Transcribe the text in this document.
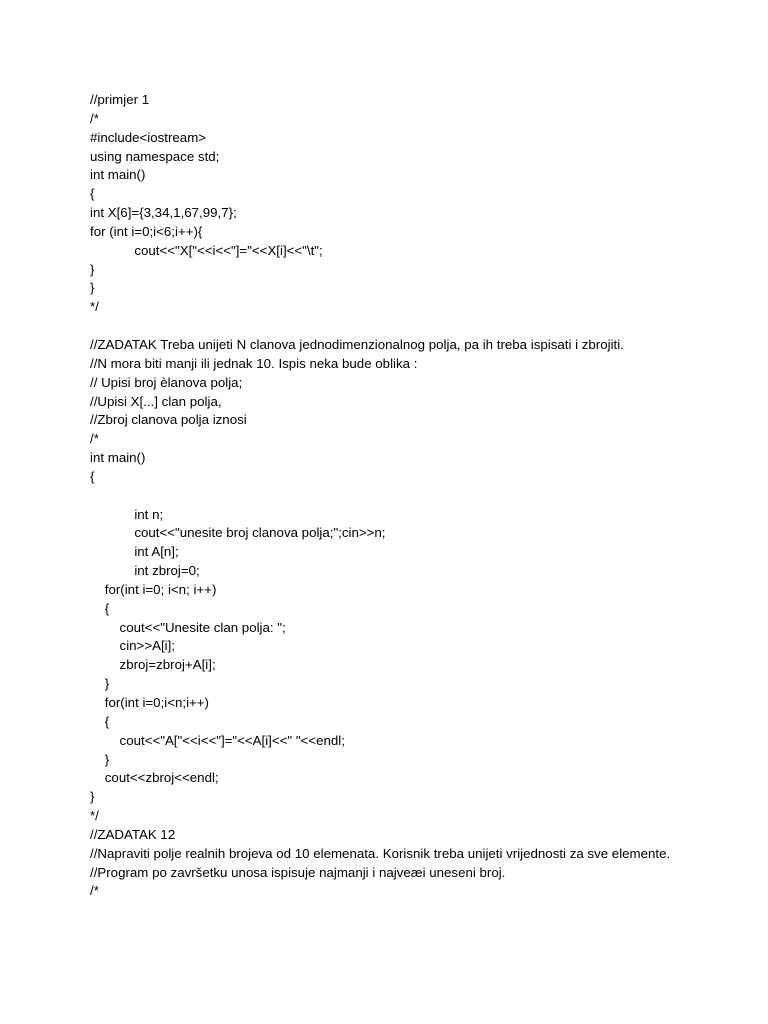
//primjer 1
/*
#include<iostream>
using namespace std;
int main()
{
int X[6]={3,34,1,67,99,7};
for (int i=0;i<6;i++){
cout<<"X["<<i<<"]="<<X[i]<<"\t";
}
}
*/
//ZADATAK Treba unijeti N clanova jednodimenzionalnog polja, pa ih treba ispisati i zbrojiti.
//N mora biti manji ili jednak 10. Ispis neka bude oblika :
// Upisi broj èlanova polja;
//Upisi X[...] clan polja,
//Zbroj clanova polja iznosi
/*
int main()
{
int n;
cout<<"unesite broj clanova polja;";cin>>n;
int A[n];
int zbroj=0;
for(int i=0; i<n; i++)
{
cout<<"Unesite clan polja: ";
cin>>A[i];
zbroj=zbroj+A[i];
}
for(int i=0;i<n;i++)
{
cout<<"A["<<i<<"]="<<A[i]<<" "<<endl;
}
cout<<zbroj<<endl;
}
*/
//ZADATAK 12
//Napraviti polje realnih brojeva od 10 elemenata. Korisnik treba unijeti vrijednosti za sve elemente.
//Program po završetku unosa ispisuje najmanji i najveæi uneseni broj.
/*
